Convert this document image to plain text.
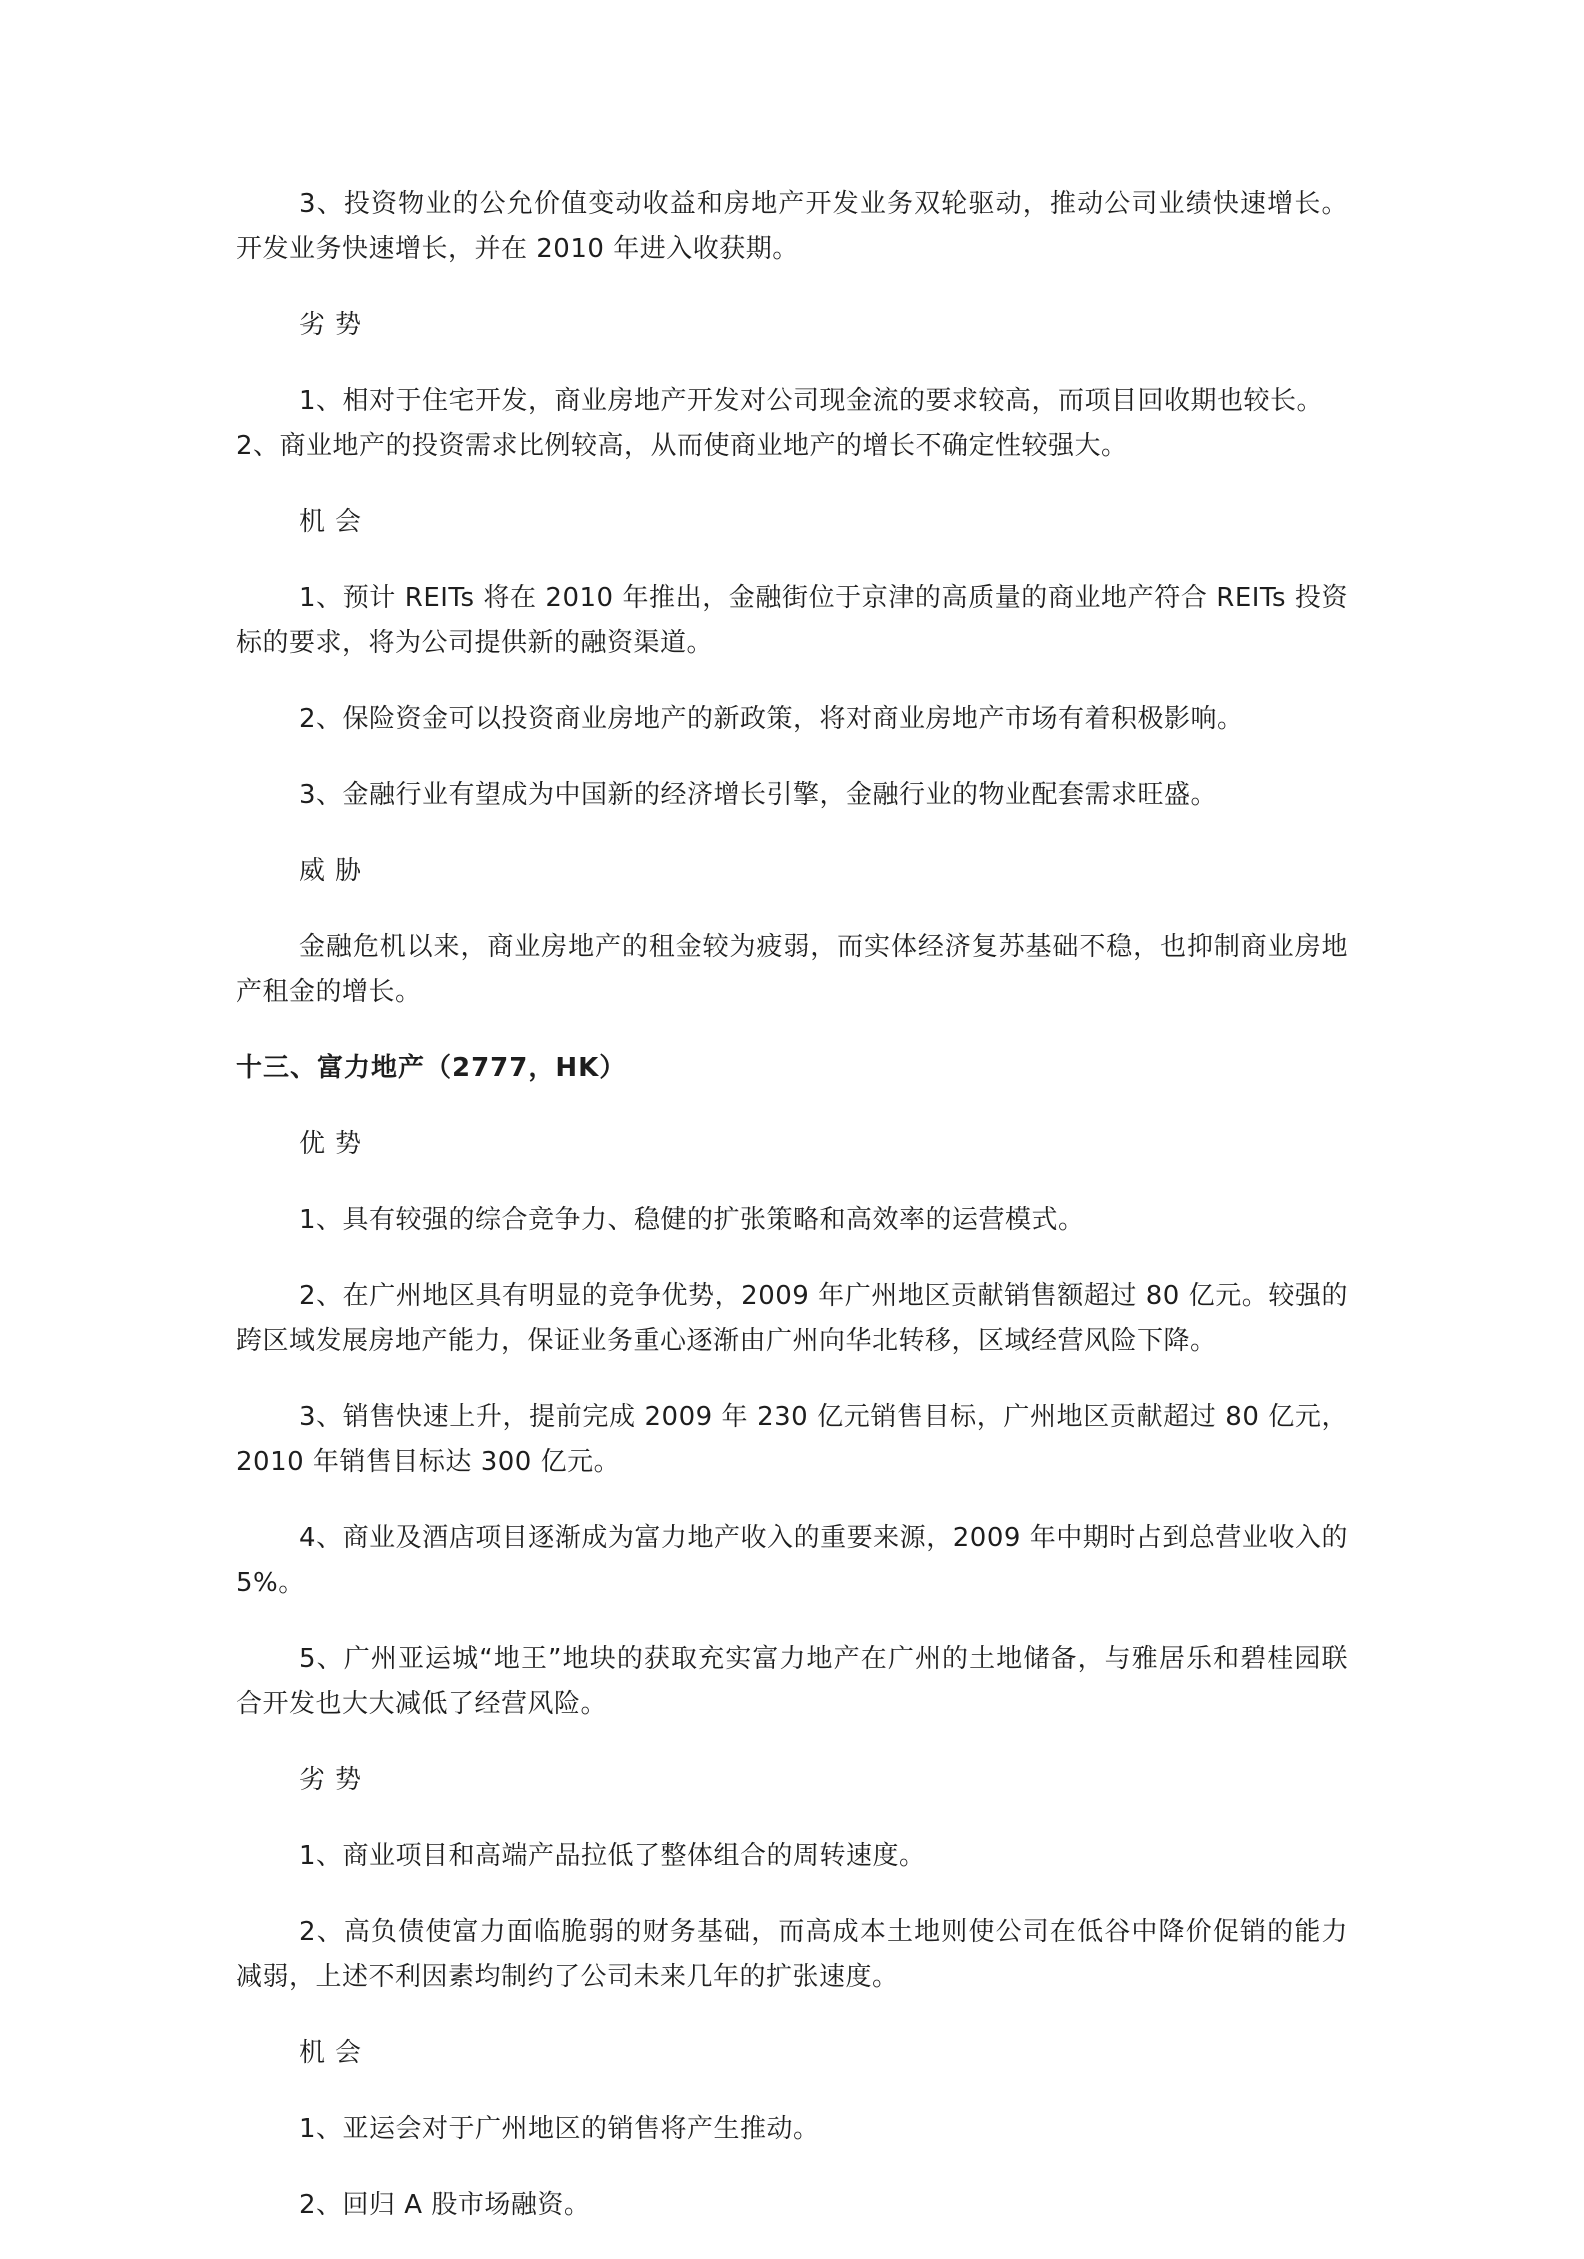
3、投资物业的公允价值变动收益和房地产开发业务双轮驱动，推动公司业绩快速增长。开发业务快速增长，并在 2010 年进入收获期。

劣势

1、相对于住宅开发，商业房地产开发对公司现金流的要求较高，而项目回收期也较长。

2、商业地产的投资需求比例较高，从而使商业地产的增长不确定性较强大。

机会

1、预计 REITs 将在 2010 年推出，金融街位于京津的高质量的商业地产符合 REITs 投资标的要求，将为公司提供新的融资渠道。

2、保险资金可以投资商业房地产的新政策，将对商业房地产市场有着积极影响。

3、金融行业有望成为中国新的经济增长引擎，金融行业的物业配套需求旺盛。

威胁

金融危机以来，商业房地产的租金较为疲弱，而实体经济复苏基础不稳，也抑制商业房地产租金的增长。

十三、富力地产（2777，HK）

优势

1、具有较强的综合竞争力、稳健的扩张策略和高效率的运营模式。

2、在广州地区具有明显的竞争优势，2009 年广州地区贡献销售额超过 80 亿元。较强的跨区域发展房地产能力，保证业务重心逐渐由广州向华北转移，区域经营风险下降。

3、销售快速上升，提前完成 2009 年 230 亿元销售目标，广州地区贡献超过 80 亿元，2010 年销售目标达 300 亿元。

4、商业及酒店项目逐渐成为富力地产收入的重要来源，2009 年中期时占到总营业收入的 5%。

5、广州亚运城“地王”地块的获取充实富力地产在广州的土地储备，与雅居乐和碧桂园联合开发也大大减低了经营风险。

劣势

1、商业项目和高端产品拉低了整体组合的周转速度。

2、高负债使富力面临脆弱的财务基础，而高成本土地则使公司在低谷中降价促销的能力减弱，上述不利因素均制约了公司未来几年的扩张速度。

机会

1、亚运会对于广州地区的销售将产生推动。

2、回归 A 股市场融资。
